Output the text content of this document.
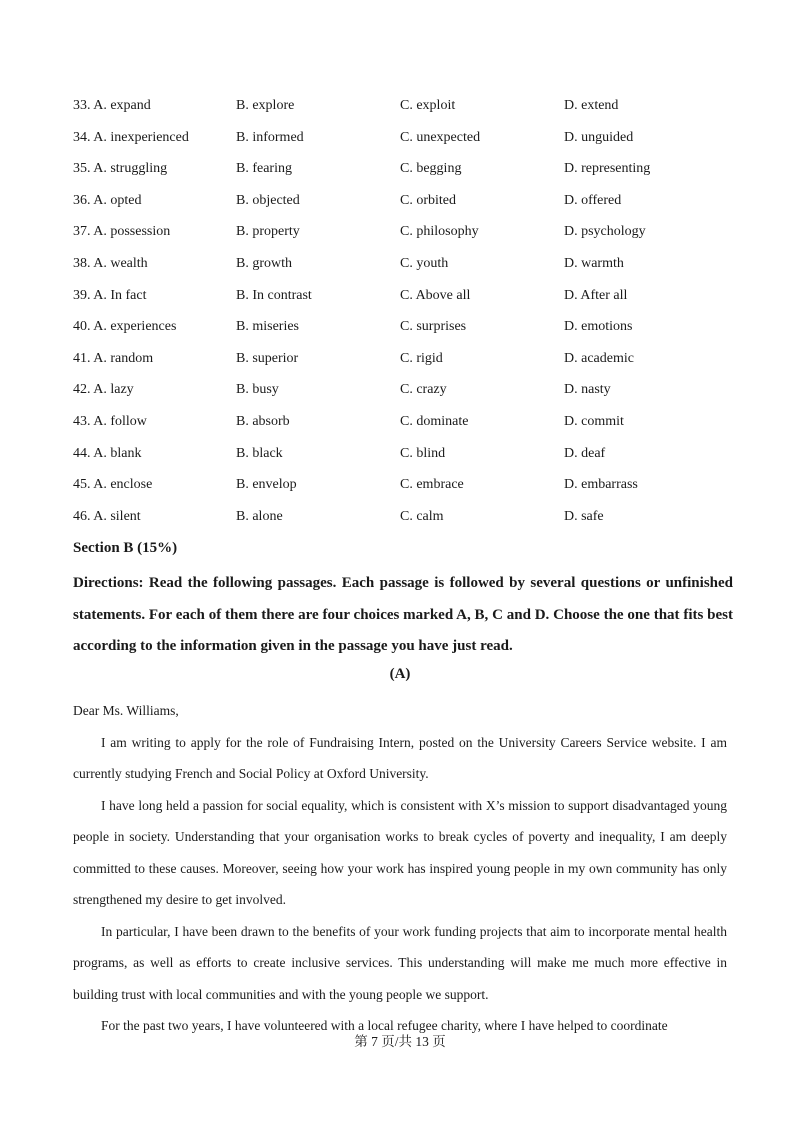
33. A. expand	B. explore	C. exploit	D. extend
34. A. inexperienced	B. informed	C. unexpected	D. unguided
35. A. struggling	B. fearing	C. begging	D. representing
36. A. opted	B. objected	C. orbited	D. offered
37. A. possession	B. property	C. philosophy	D. psychology
38. A. wealth	B. growth	C. youth	D. warmth
39. A. In fact	B. In contrast	C. Above all	D. After all
40. A. experiences	B. miseries	C. surprises	D. emotions
41. A. random	B. superior	C. rigid	D. academic
42. A. lazy	B. busy	C. crazy	D. nasty
43. A. follow	B. absorb	C. dominate	D. commit
44. A. blank	B. black	C. blind	D. deaf
45. A. enclose	B. envelop	C. embrace	D. embarrass
46. A. silent	B. alone	C. calm	D. safe
Section B (15%)
Directions: Read the following passages. Each passage is followed by several questions or unfinished statements. For each of them there are four choices marked A, B, C and D. Choose the one that fits best according to the information given in the passage you have just read.
(A)

Dear Ms. Williams,

I am writing to apply for the role of Fundraising Intern, posted on the University Careers Service website. I am currently studying French and Social Policy at Oxford University.

I have long held a passion for social equality, which is consistent with X’s mission to support disadvantaged young people in society. Understanding that your organisation works to break cycles of poverty and inequality, I am deeply committed to these causes. Moreover, seeing how your work has inspired young people in my own community has only strengthened my desire to get involved.

In particular, I have been drawn to the benefits of your work funding projects that aim to incorporate mental health programs, as well as efforts to create inclusive services. This understanding will make me much more effective in building trust with local communities and with the young people we support.

For the past two years, I have volunteered with a local refugee charity, where I have helped to coordinate

第 7 页/共 13 页
